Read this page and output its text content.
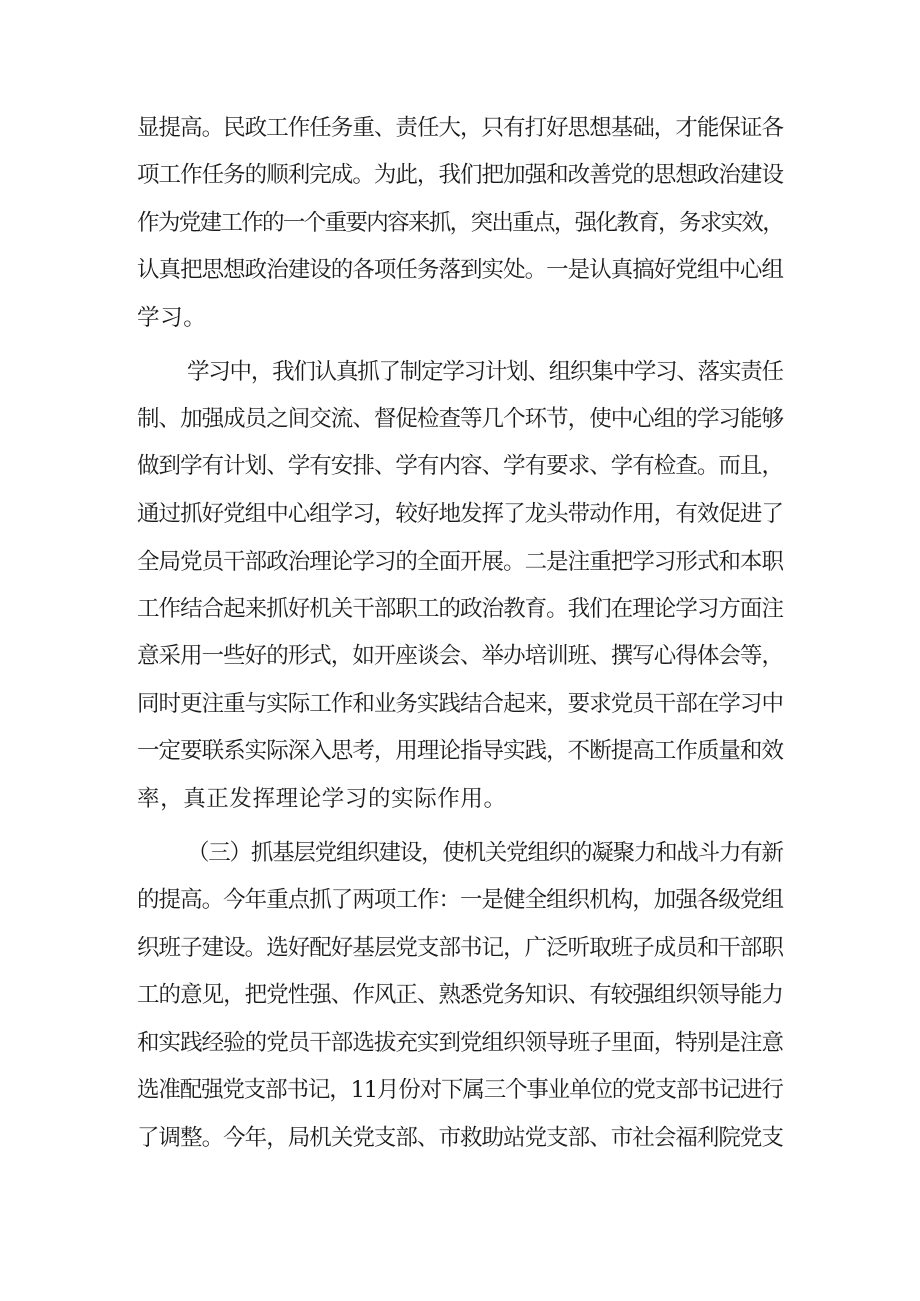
显提高。民政工作任务重、责任大，只有打好思想基础，才能保证各
项工作任务的顺利完成。为此，我们把加强和改善党的思想政治建设
作为党建工作的一个重要内容来抓，突出重点，强化教育，务求实效，
认真把思想政治建设的各项任务落到实处。一是认真搞好党组中心组
学习。
学习中，我们认真抓了制定学习计划、组织集中学习、落实责任
制、加强成员之间交流、督促检查等几个环节，使中心组的学习能够
做到学有计划、学有安排、学有内容、学有要求、学有检查。而且，
通过抓好党组中心组学习，较好地发挥了龙头带动作用，有效促进了
全局党员干部政治理论学习的全面开展。二是注重把学习形式和本职
工作结合起来抓好机关干部职工的政治教育。我们在理论学习方面注
意采用一些好的形式，如开座谈会、举办培训班、撰写心得体会等，
同时更注重与实际工作和业务实践结合起来，要求党员干部在学习中
一定要联系实际深入思考，用理论指导实践，不断提高工作质量和效
率，真正发挥理论学习的实际作用。
（三）抓基层党组织建设，使机关党组织的凝聚力和战斗力有新
的提高。今年重点抓了两项工作：一是健全组织机构，加强各级党组
织班子建设。选好配好基层党支部书记，广泛听取班子成员和干部职
工的意见，把党性强、作风正、熟悉党务知识、有较强组织领导能力
和实践经验的党员干部选拔充实到党组织领导班子里面，特别是注意
选准配强党支部书记，11月份对下属三个事业单位的党支部书记进行
了调整。今年，局机关党支部、市救助站党支部、市社会福利院党支
